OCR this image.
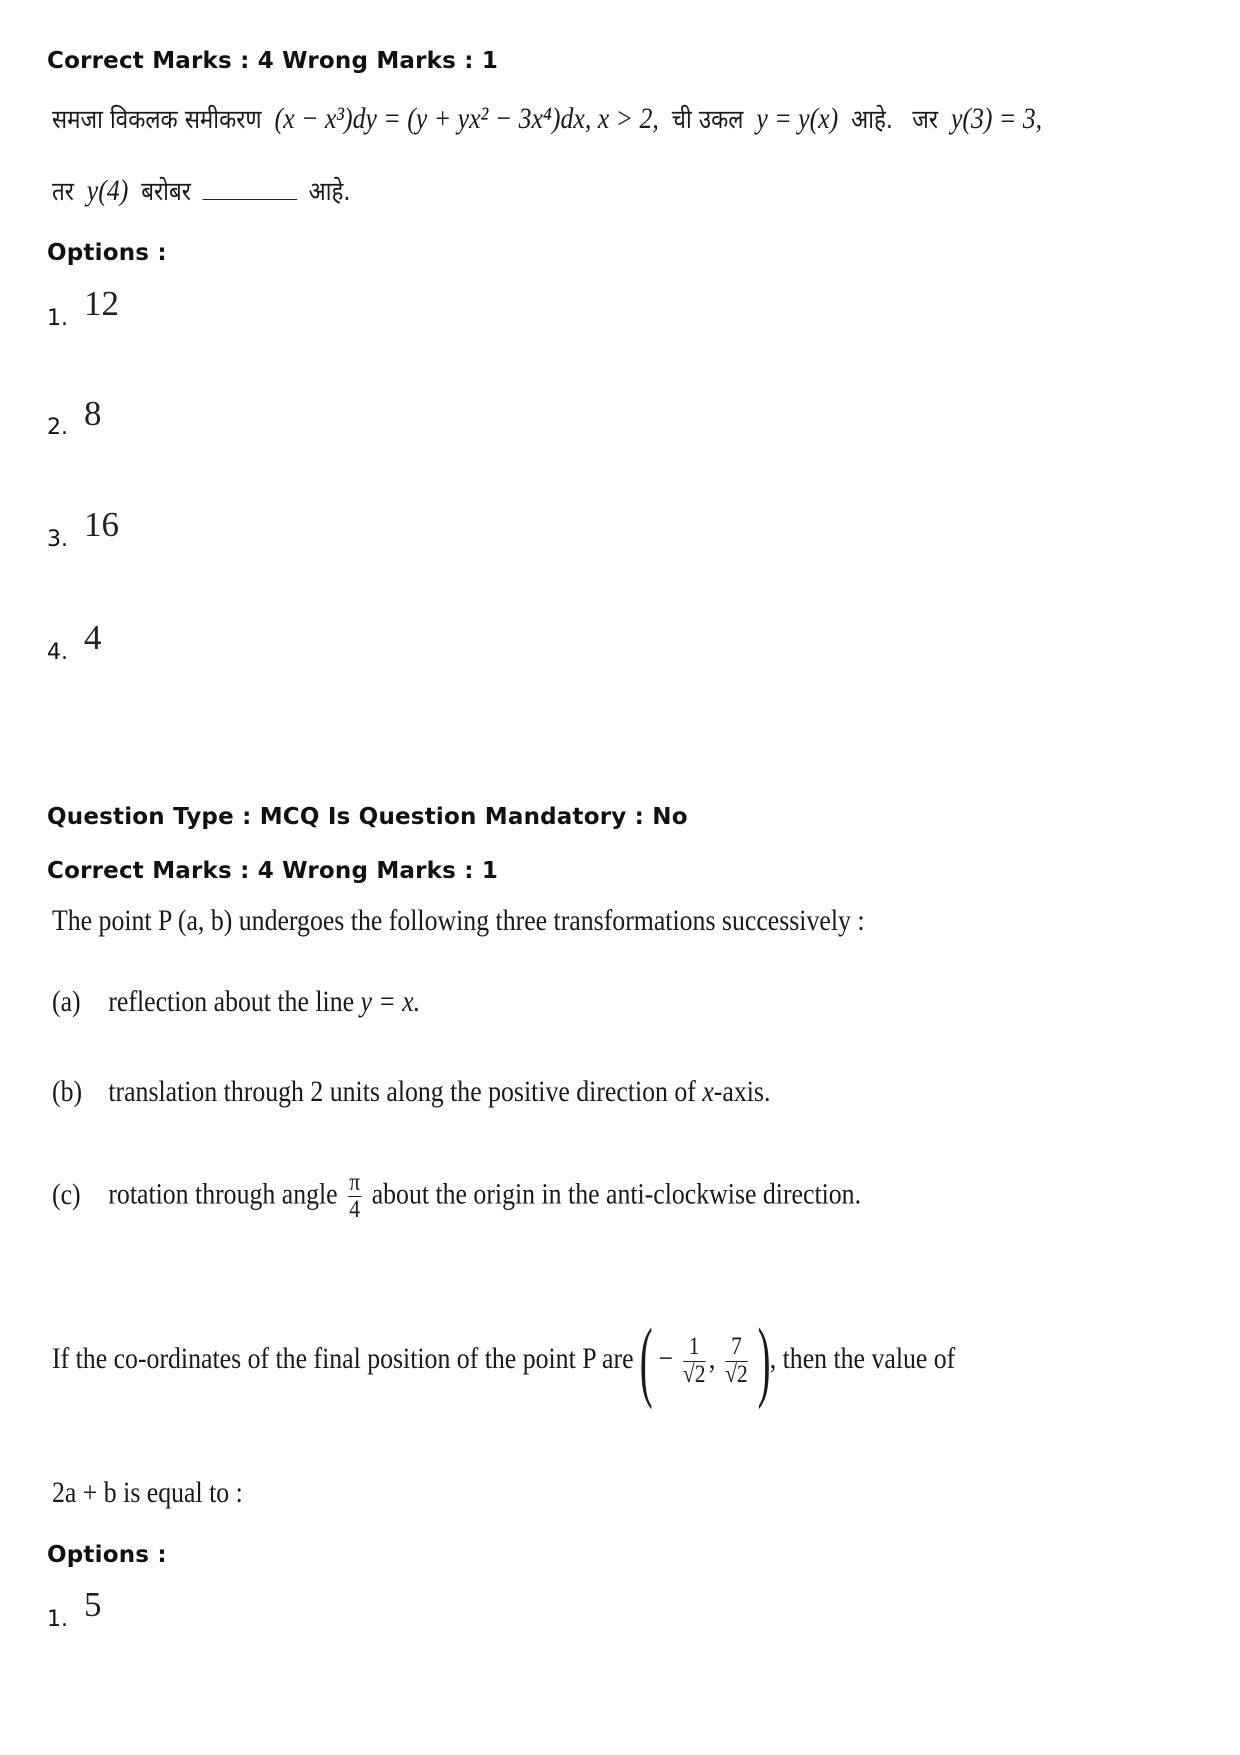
Correct Marks : 4 Wrong Marks : 1
समजा विकलक समीकरण (x − x³)dy = (y + yx² − 3x⁴)dx, x > 2, ची उकल y = y(x) आहे. जर y(3) = 3,
तर y(4) बरोबर	आहे.
Options :
1. 12
2. 8
3. 16
4. 4
Question Type : MCQ Is Question Mandatory : No
Correct Marks : 4 Wrong Marks : 1
The point P (a, b) undergoes the following three transformations successively :
(a) reflection about the line y = x.
(b) translation through 2 units along the positive direction of x-axis.
(c) rotation through angle $\frac{\pi}{4}$ about the origin in the anti-clockwise direction.
If the co-ordinates of the final position of the point P are ( − $\frac{1}{√2}$ , $\frac{7}{√2}$ ), then the value of
2a + b is equal to :
Options :
1. 5
